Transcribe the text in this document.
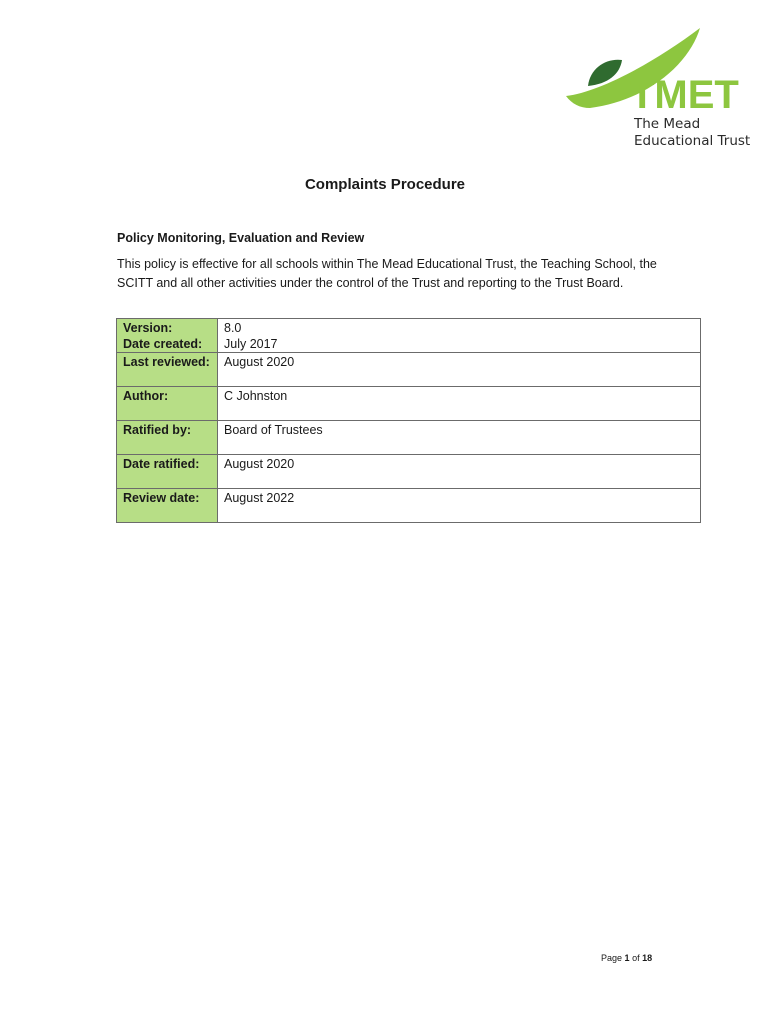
TMET
The Mead
Educational Trust
Complaints Procedure
Policy Monitoring, Evaluation and Review

This policy is effective for all schools within The Mead Educational Trust, the Teaching School, the SCITT and all other activities under the control of the Trust and reporting to the Trust Board.

Version:	8.0
Date created:	July 2017
Last reviewed:	August 2020
Author:	C Johnston
Ratified by:	Board of Trustees
Date ratified:	August 2020
Review date:	August 2022
Page 1 of 18
